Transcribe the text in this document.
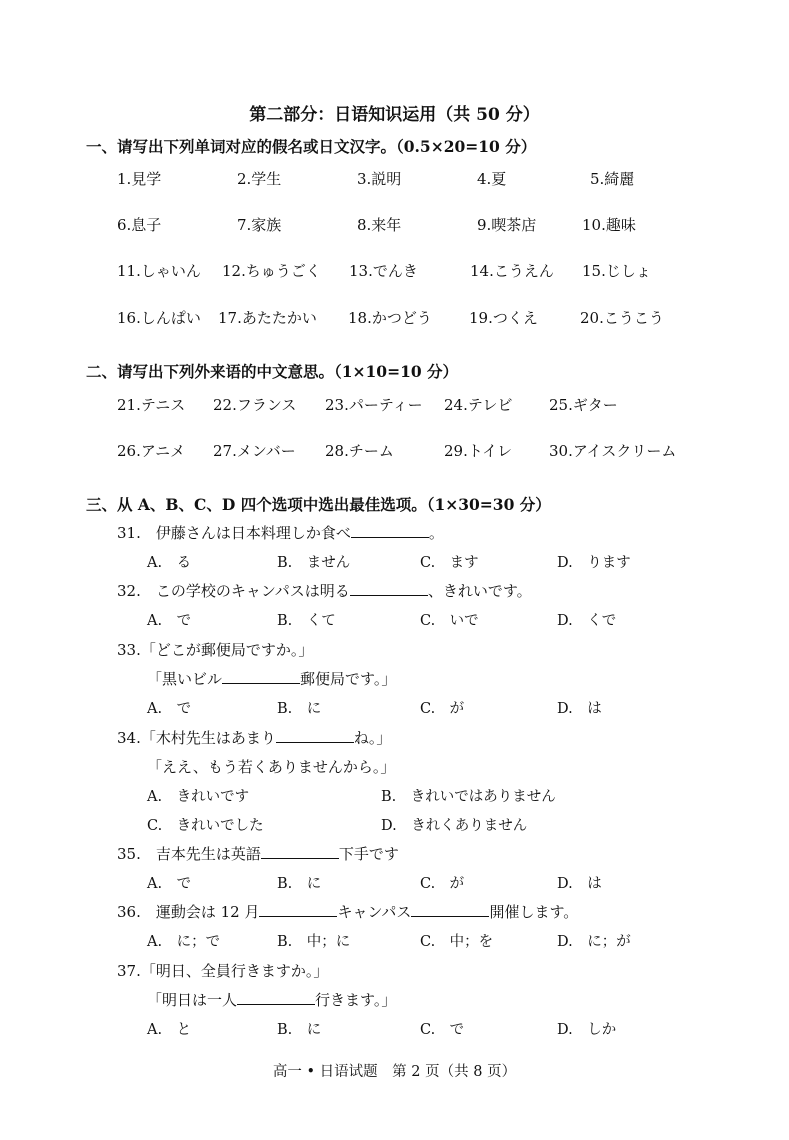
第二部分：日语知识运用（共 50 分）
一、请写出下列单词对应的假名或日文汉字。（0.5×20=10 分）
1.見学	2.学生	3.説明	4.夏	5.綺麗
6.息子	7.家族	8.来年	9.喫茶店	10.趣味
11.しゃいん 12.ちゅうごく 13.でんき	14.こうえん 15.じしょ
16.しんぱい 17.あたたかい 18.かつどう 19.つくえ	20.こうこう
二、请写出下列外来语的中文意思。（1×10=10 分）
21.テニス 22.フランス 23.パーティー 24.テレビ 25.ギター
26.アニメ 27.メンバー 28.チーム	29.トイレ 30.アイスクリーム
三、从 A、B、C、D 四个选项中选出最佳选项。（1×30=30 分）
31.　伊藤さんは日本料理しか食べ	。
A.　る	B.　ません	C.　ます	D.　ります
32.　この学校のキャンパスは明る	、きれいです。
A.　で	B.　くて	C.　いで	D.　くで
33.「どこが郵便局ですか。」
「黒いビル	郵便局です。」
A.　で	B.　に	C.　が	D.　は
34.「木村先生はあまり	ね。」
「ええ、もう若くありませんから。」
A.　きれいです	B.　きれいではありません
C.　きれいでした	D.　きれくありません
35.　吉本先生は英語	下手です
A.　で	B.　に	C.　が	D.　は
36.　運動会は 12 月	キャンパス	開催します。
A.　に；で	B.　中；に	C.　中；を	D.　に；が
37.「明日、全員行きますか。」
「明日は一人	行きます。」
A.　と	B.　に	C.　で	D.　しか
高一 • 日语试题　第 2 页（共 8 页）
